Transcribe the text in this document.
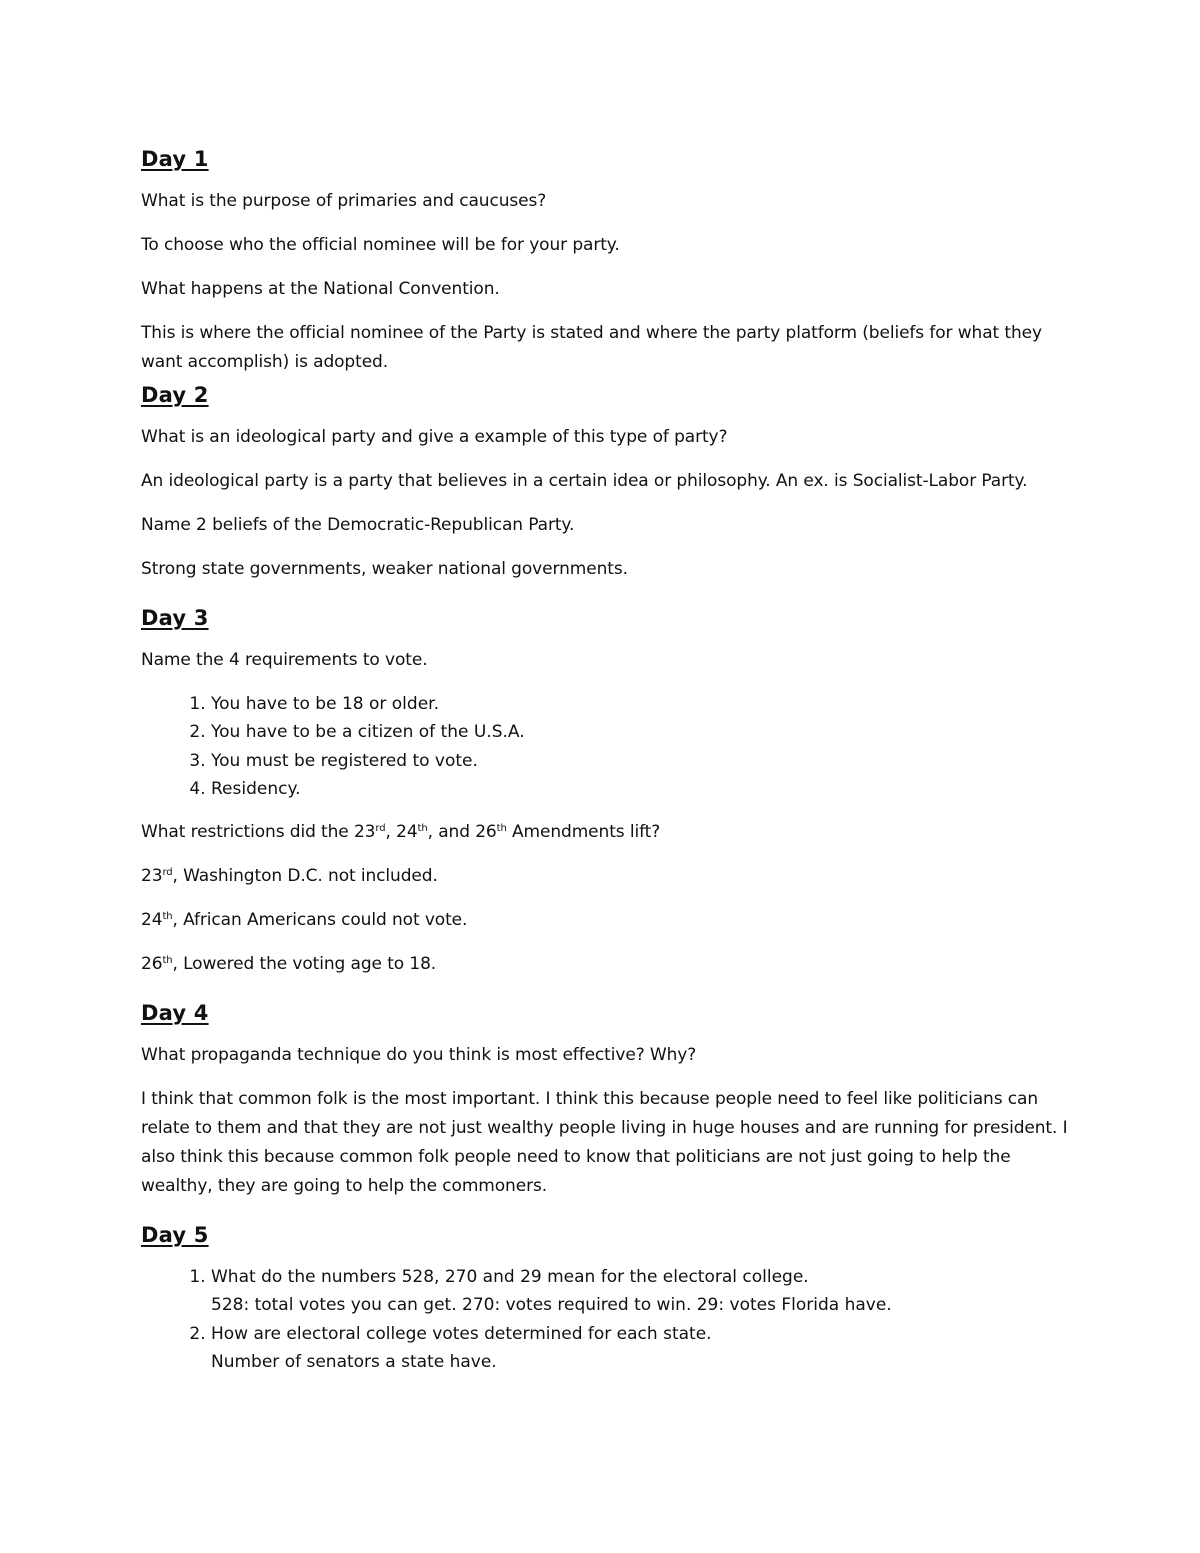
Day 1

What is the purpose of primaries and caucuses?

To choose who the official nominee will be for your party.

What happens at the National Convention.

This is where the official nominee of the Party is stated and where the party platform (beliefs for what they want accomplish) is adopted.

Day 2

What is an ideological party and give a example of this type of party?

An ideological party is a party that believes in a certain idea or philosophy. An ex. is Socialist-Labor Party.

Name 2 beliefs of the Democratic-Republican Party.

Strong state governments, weaker national governments.

Day 3

Name the 4 requirements to vote.

1. You have to be 18 or older.
2. You have to be a citizen of the U.S.A.
3. You must be registered to vote.
4. Residency.

What restrictions did the 23rd, 24th, and 26th Amendments lift?

23rd, Washington D.C. not included.

24th, African Americans could not vote.

26th, Lowered the voting age to 18.

Day 4

What propaganda technique do you think is most effective? Why?

I think that common folk is the most important. I think this because people need to feel like politicians can relate to them and that they are not just wealthy people living in huge houses and are running for president. I also think this because common folk people need to know that politicians are not just going to help the wealthy, they are going to help the commoners.

Day 5
1. What do the numbers 528, 270 and 29 mean for the electoral college.
528: total votes you can get. 270: votes required to win. 29: votes Florida have.
2. How are electoral college votes determined for each state.
Number of senators a state have.
